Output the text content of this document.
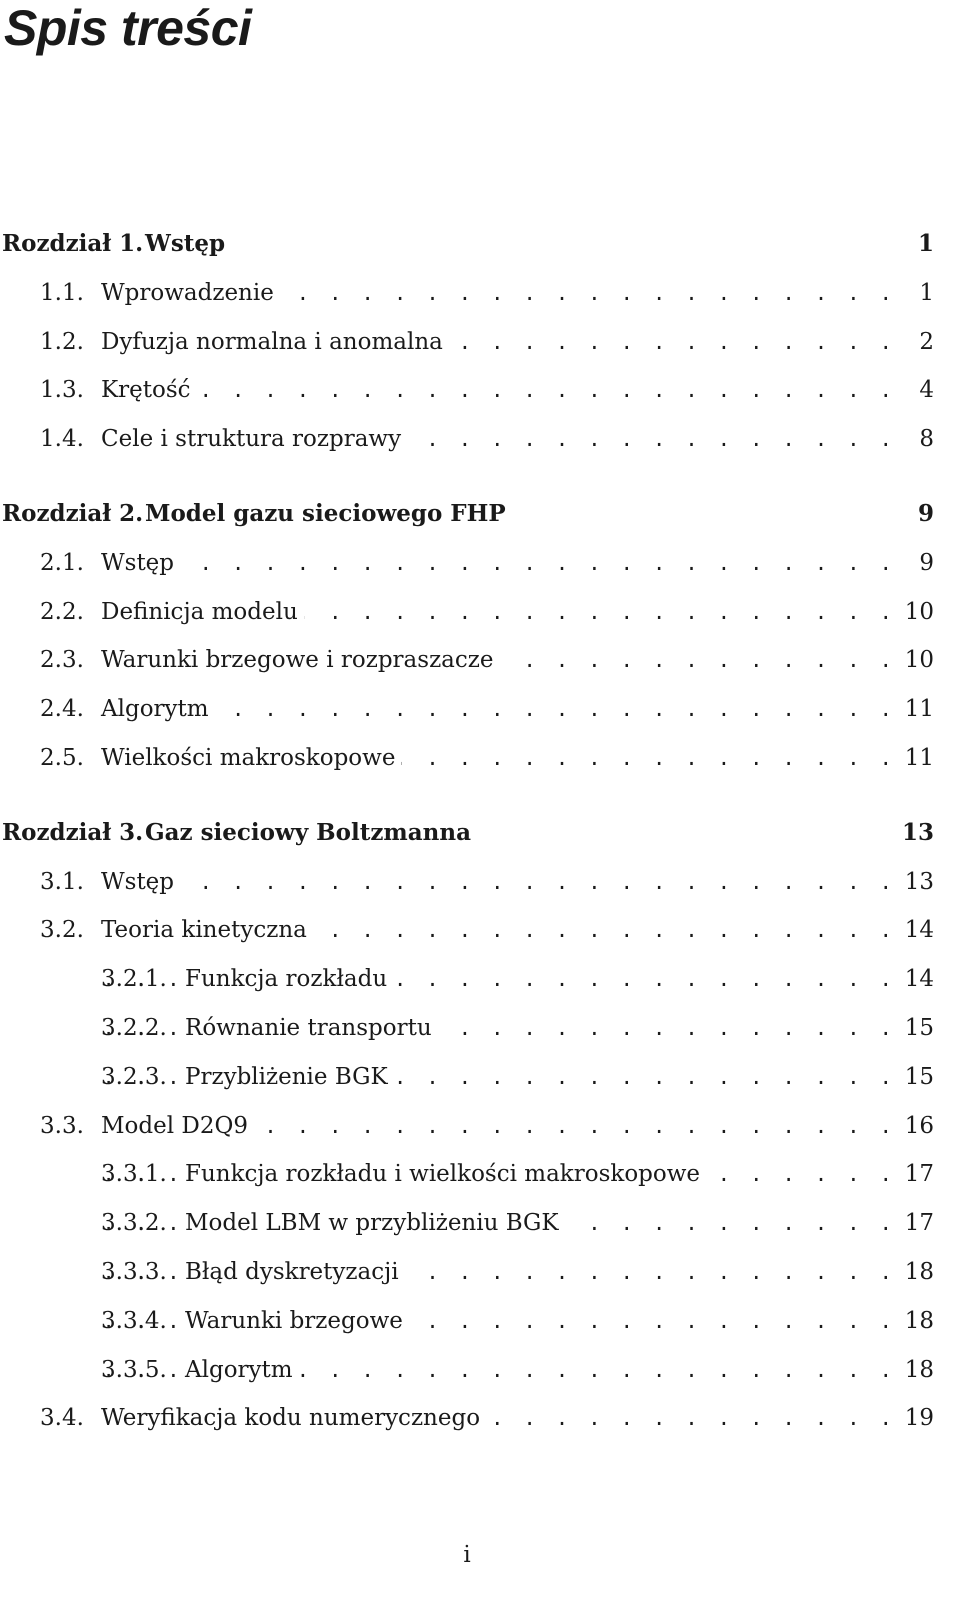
Spis treści
Rozdział 1. Wstęp	1
. . .
1.1. Wprowadzenie	1
. . .
1.2. Dyfuzja normalna i anomalna	2
. . .
1.3. Krętość	4
. . .
1.4. Cele i struktura rozprawy	8
Rozdział 2. Model gazu sieciowego FHP	9
. . .
2.1. Wstęp	9
. . .
2.2. Definicja modelu	10
. . .
2.3. Warunki brzegowe i rozpraszacze	10
. . .
2.4. Algorytm	11
. . .
2.5. Wielkości makroskopowe	11
Rozdział 3. Gaz sieciowy Boltzmanna	13
. . .
3.1. Wstęp	13
. . .
3.2. Teoria kinetyczna	14
. . .
3.2.1. Funkcja rozkładu	14
. . .
3.2.2. Równanie transportu	15
. . .
3.2.3. Przybliżenie BGK	15
. . .
3.3. Model D2Q9	16
. . .
3.3.1. Funkcja rozkładu i wielkości makroskopowe	17
. . .
3.3.2. Model LBM w przybliżeniu BGK	17
. . .
3.3.3. Błąd dyskretyzacji	18
. . .
3.3.4. Warunki brzegowe	18
. . .
3.3.5. Algorytm	18
. . .
3.4. Weryfikacja kodu numerycznego	19
i
